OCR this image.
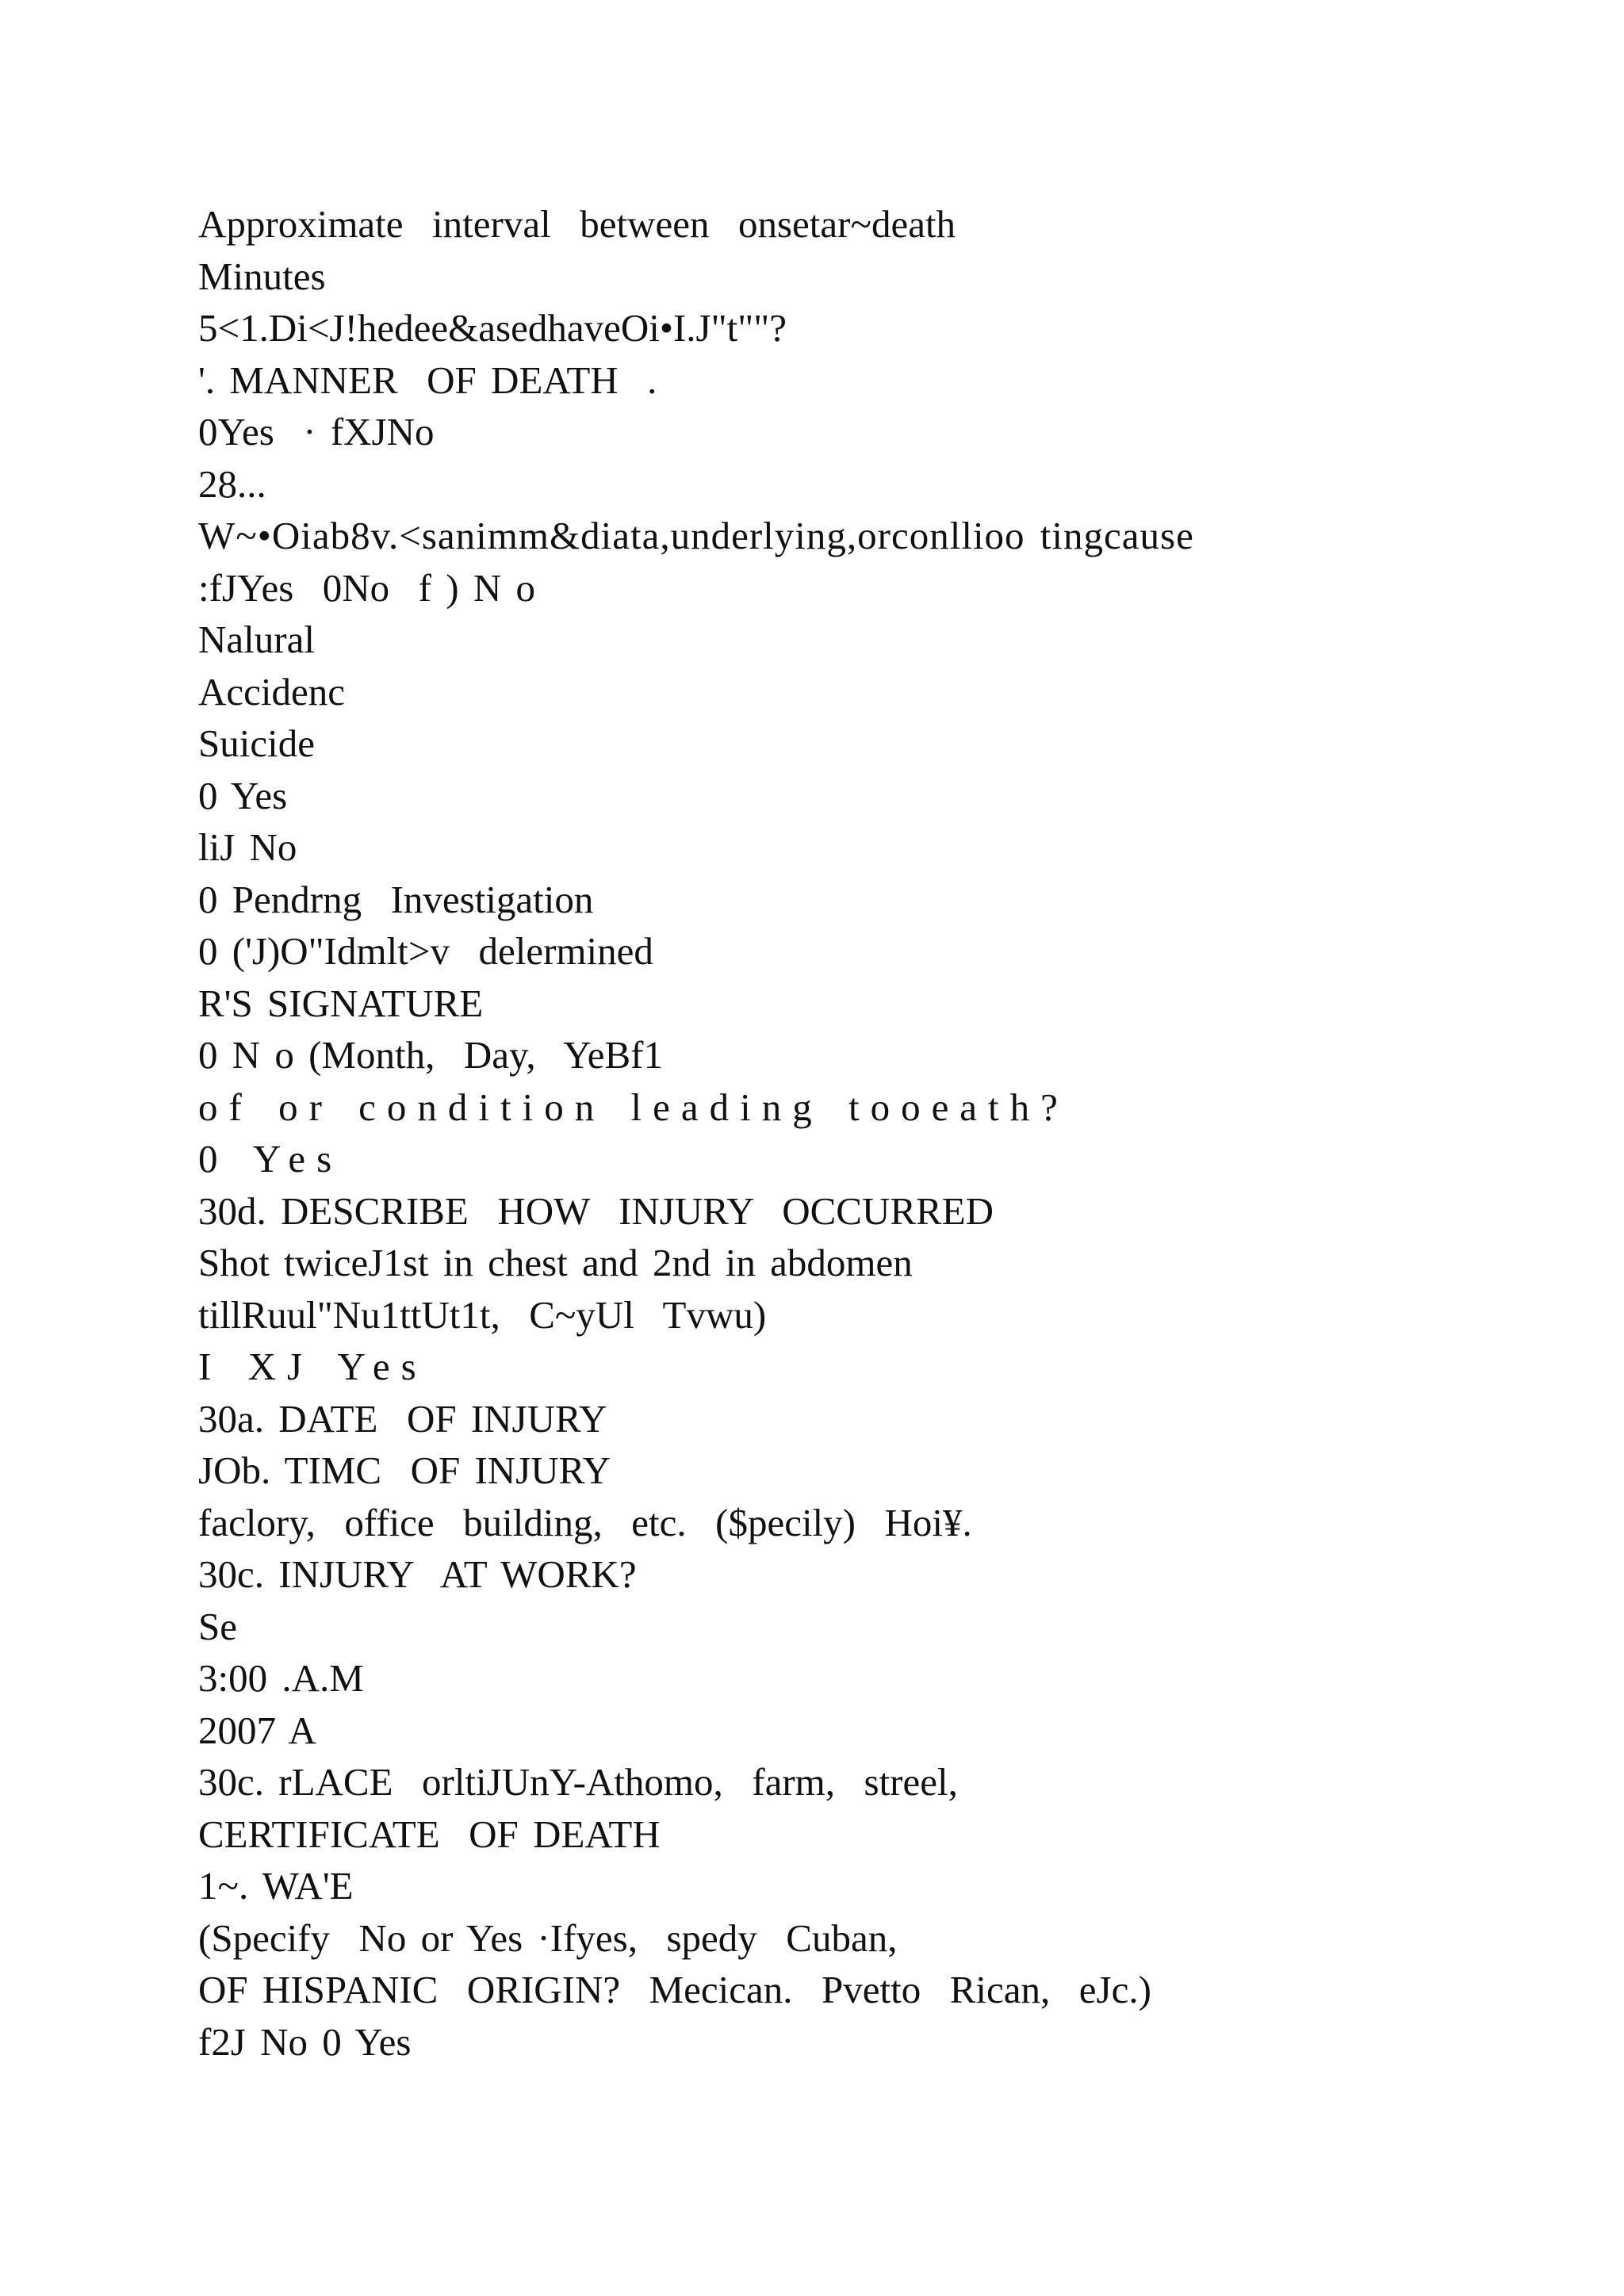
Approximate  interval  between  onsetar~death
Minutes
5<1.Di<J!hedee&asedhaveOi•I.J"t""?
'. MANNER  OF DEATH  .
0Yes  · fXJNo
28...
W~•Oiab8v.<sanimm&diata,underlying,orconllioo tingcause
:fJYes  0No  f ) N o
Nalural
Accidenc
Suicide
0 Yes
liJ No
0 Pendrng  Investigation
0 ('J)O"Idmlt>v  delermined
R'S SIGNATURE
0 N o (Month,  Day,  YeBf1
of or condition leading tooeath?
0 Yes
30d. DESCRIBE  HOW  INJURY  OCCURRED
Shot twiceJ1st in chest and 2nd in abdomen
tillRuul"Nu1ttUt1t,  C~yUl  Tvwu)
I XJ Yes
30a. DATE  OF INJURY
JOb. TIMC  OF INJURY
faclory,  office  building,  etc.  ($pecily)  Hoi¥.
30c. INJURY  AT WORK?
Se
3:00 .A.M
2007 A
30c. rLACE  orltiJUnY-Athomo,  farm,  streel,
CERTIFICATE  OF DEATH
1~. WA'E
(Specify  No or Yes ·Ifyes,  spedy  Cuban,
OF HISPANIC  ORIGIN?  Mecican.  Pvetto  Rican,  eJc.)
f2J No 0 Yes
